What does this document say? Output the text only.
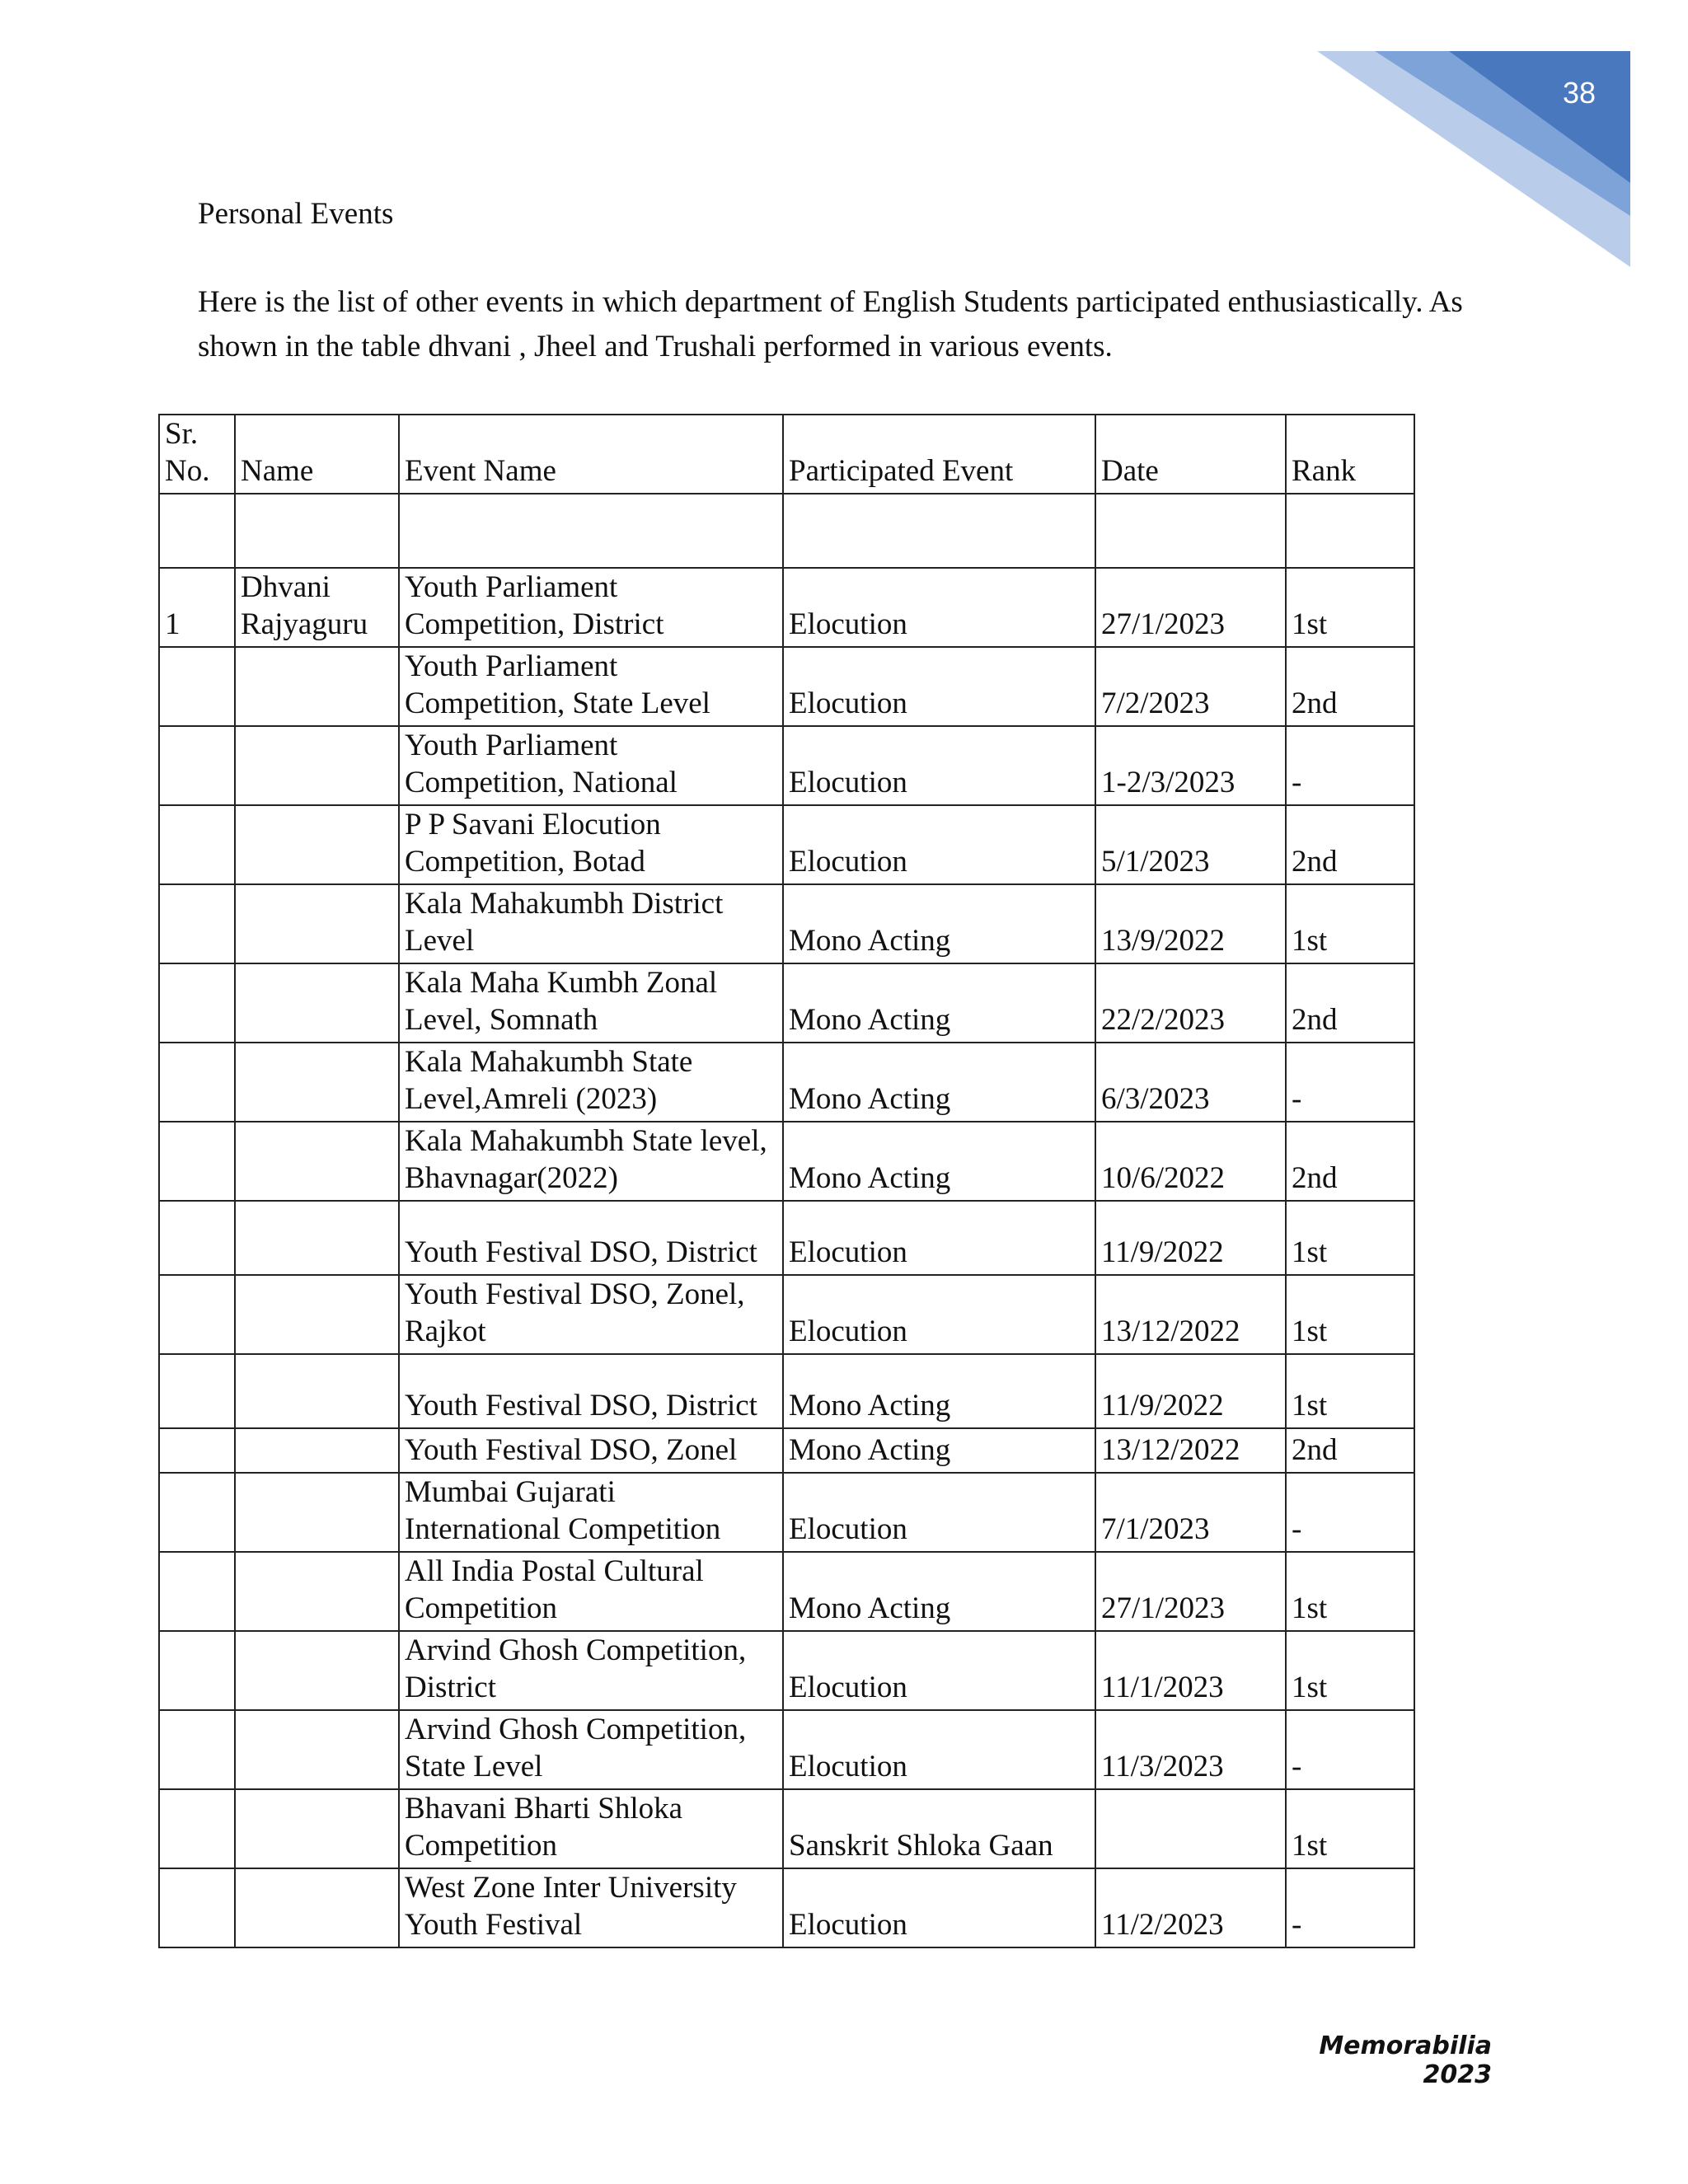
38
Personal Events

Here is the list of other events in which department of English Students participated enthusiastically. As shown in the table dhvani , Jheel and Trushali performed in various events.

Sr. No.	Name	Event Name	Participated Event	Date	Rank

1	Dhvani Rajyaguru	Youth Parliament Competition, District	Elocution	27/1/2023	1st
		Youth Parliament Competition, State Level	Elocution	7/2/2023	2nd
		Youth Parliament Competition, National	Elocution	1-2/3/2023	-
		P P Savani Elocution Competition, Botad	Elocution	5/1/2023	2nd
		Kala Mahakumbh District Level	Mono Acting	13/9/2022	1st
		Kala Maha Kumbh Zonal Level, Somnath	Mono Acting	22/2/2023	2nd
		Kala Mahakumbh State Level,Amreli (2023)	Mono Acting	6/3/2023	-
		Kala Mahakumbh State level, Bhavnagar(2022)	Mono Acting	10/6/2022	2nd
		Youth Festival DSO, District	Elocution	11/9/2022	1st
		Youth Festival DSO, Zonel, Rajkot	Elocution	13/12/2022	1st
		Youth Festival DSO, District	Mono Acting	11/9/2022	1st
		Youth Festival DSO, Zonel	Mono Acting	13/12/2022	2nd
		Mumbai Gujarati International Competition	Elocution	7/1/2023	-
		All India Postal Cultural Competition	Mono Acting	27/1/2023	1st
		Arvind Ghosh Competition, District	Elocution	11/1/2023	1st
		Arvind Ghosh Competition, State Level	Elocution	11/3/2023	-
		Bhavani Bharti Shloka Competition	Sanskrit Shloka Gaan		1st
		West Zone Inter University Youth Festival	Elocution	11/2/2023	-
Memorabilia 2023
